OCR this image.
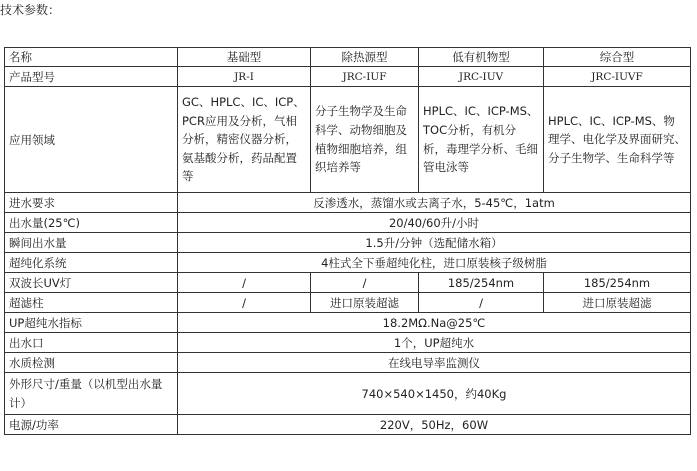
技术参数：
名称	基础型	除热源型	低有机物型	综合型
产品型号	JR-I	JRC-IUF	JRC-IUV	JRC-IUVF
应用领域	GC、HPLC、IC、ICP、PCR应用及分析，气相分析，精密仪器分析，氨基酸分析，药品配置等	分子生物学及生命科学、动物细胞及植物细胞培养，组织培养等	HPLC、IC、ICP-MS、TOC分析，有机分析，毒理学分析、毛细管电泳等	HPLC、IC、ICP-MS、物理学、电化学及界面研究、分子生物学、生命科学等
进水要求	反渗透水，蒸馏水或去离子水，5-45℃，1atm			
出水量(25℃)	20/40/60升/小时			
瞬间出水量	1.5升/分钟（选配储水箱）			
超纯化系统	4柱式全下垂超纯化柱，进口原装核子级树脂			
双波长UV灯	/	/	185/254nm	185/254nm
超滤柱	/	进口原装超滤	/	进口原装超滤
UP超纯水指标	18.2MΩ.Na@25℃			
出水口	1个，UP超纯水			
水质检测	在线电导率监测仪			
外形尺寸/重量（以机型出水量计）	740×540×1450，约40Kg			
电源/功率	220V，50Hz，60W			
